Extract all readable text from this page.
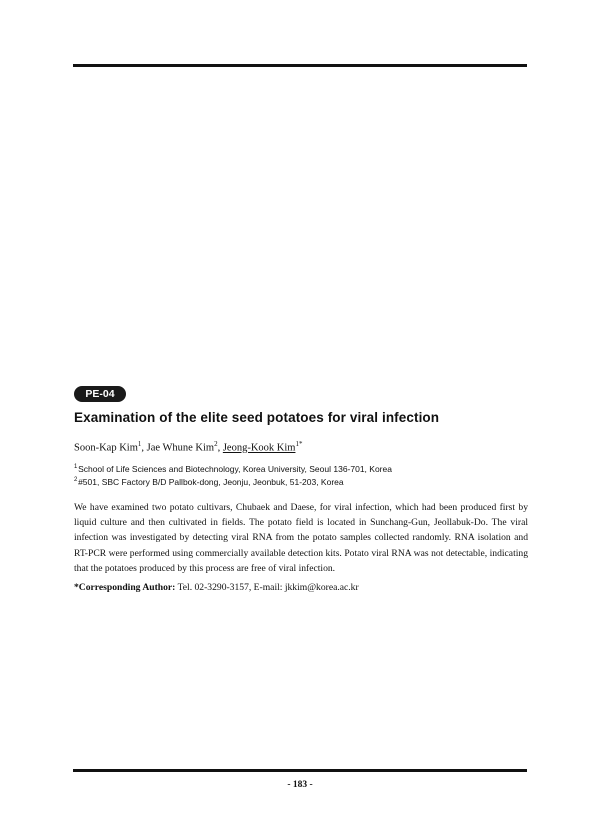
PE-04
Examination of the elite seed potatoes for viral infection
Soon-Kap Kim$^1$, Jae Whune Kim$^2$, Jeong-Kook Kim$^{1*}$
$^1$ School of Life Sciences and Biotechnology, Korea University, Seoul 136-701, Korea
$^2$ #501, SBC Factory B/D Pallbok-dong, Jeonju, Jeonbuk, 51-203, Korea
We have examined two potato cultivars, Chubaek and Daese, for viral infection, which had been produced first by liquid culture and then cultivated in fields. The potato field is located in Sunchang-Gun, Jeollabuk-Do. The viral infection was investigated by detecting viral RNA from the potato samples collected randomly. RNA isolation and RT-PCR were performed using commercially available detection kits. Potato viral RNA was not detectable, indicating that the potatoes produced by this process are free of viral infection.
*Corresponding Author: Tel. 02-3290-3157, E-mail: jkkim@korea.ac.kr
- 183 -
